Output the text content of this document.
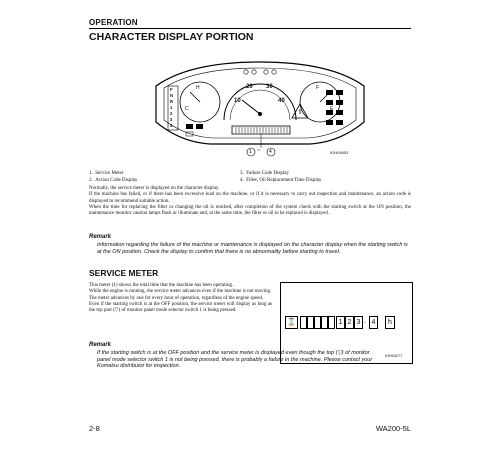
OPERATION
CHARACTER DISPLAY PORTION
F
N
R
1
2
3
4
H
C
F
E
20 30
10	40
1 ~ 4	9JH04603
1. Service Meter
2. Action Code Display
3. Failure Code Display
4. Filter, Oil Replacement Time Display
Normally, the service meter is displayed on the character display.
If the machine has failed, or if there has been excessive load on the machine, or if it is necessary to carry out inspection and maintenance, an action code is displayed to recommend suitable action.
When the time for replacing the filter or changing the oil is reached, after completion of the system check with the starting switch at the ON position, the maintenance monitor caution lamps flash or illuminate and, at the same time, the filter or oil to be replaced is displayed.
Remark
Information regarding the failure of the machine or maintenance is displayed on the character display when the starting switch is at the ON position. Check the display to confirm that there is no abnormality before starting to travel.
SERVICE METER
This meter (1) shows the total time that the machine has been operating.
While the engine is running, the service meter advances even if the machine is not moving.
The meter advances by one for every hour of operation, regardless of the engine speed.
Even if the starting switch is at the OFF position, the service meter will display as long as the top part (▽) of monitor panel mode selector switch 1 is being pressed.
⌛	1 2 3 . 4	h
9JH04277
Remark
If the starting switch is at the OFF position and the service meter is displayed even though the top (▽) of monitor panel mode selector switch 1 is not being pressed, there is probably a failure in the machine. Please contact your Komatsu distributor for inspection.
2-8	WA200-5L
